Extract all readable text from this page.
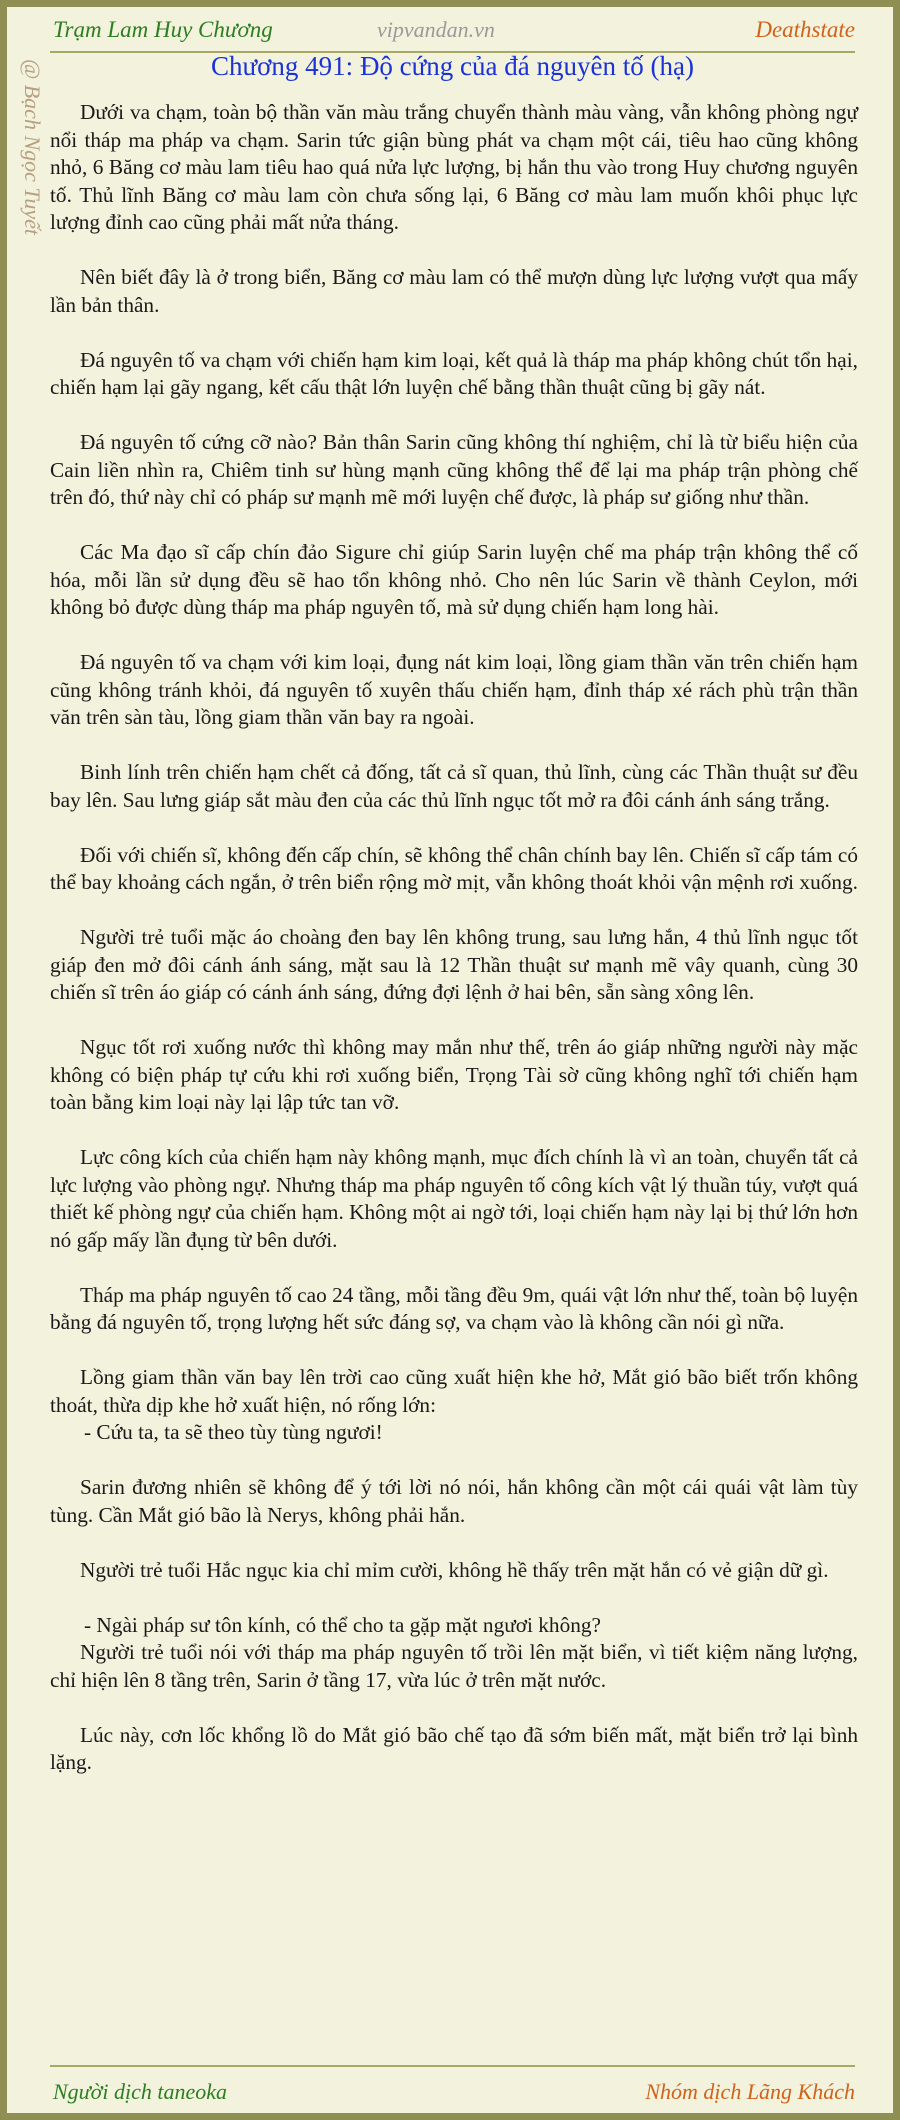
Trạm Lam Huy Chương	vipvandan.vn	Deathstate
@ Bạch Ngọc Tuyết	Chương 491: Độ cứng của đá nguyên tố (hạ)

Dưới va chạm, toàn bộ thần văn màu trắng chuyển thành màu vàng, vẫn không phòng ngự nổi tháp ma pháp va chạm. Sarin tức giận bùng phát va chạm một cái, tiêu hao cũng không nhỏ, 6 Băng cơ màu lam tiêu hao quá nửa lực lượng, bị hắn thu vào trong Huy chương nguyên tố. Thủ lĩnh Băng cơ màu lam còn chưa sống lại, 6 Băng cơ màu lam muốn khôi phục lực lượng đỉnh cao cũng phải mất nửa tháng.

Nên biết đây là ở trong biển, Băng cơ màu lam có thể mượn dùng lực lượng vượt qua mấy lần bản thân.

Đá nguyên tố va chạm với chiến hạm kim loại, kết quả là tháp ma pháp không chút tổn hại, chiến hạm lại gãy ngang, kết cấu thật lớn luyện chế bằng thần thuật cũng bị gãy nát.

Đá nguyên tố cứng cỡ nào? Bản thân Sarin cũng không thí nghiệm, chỉ là từ biểu hiện của Cain liền nhìn ra, Chiêm tinh sư hùng mạnh cũng không thể để lại ma pháp trận phòng chế trên đó, thứ này chỉ có pháp sư mạnh mẽ mới luyện chế được, là pháp sư giống như thần.

Các Ma đạo sĩ cấp chín đảo Sigure chỉ giúp Sarin luyện chế ma pháp trận không thể cố hóa, mỗi lần sử dụng đều sẽ hao tổn không nhỏ. Cho nên lúc Sarin về thành Ceylon, mới không bỏ được dùng tháp ma pháp nguyên tố, mà sử dụng chiến hạm long hài.

Đá nguyên tố va chạm với kim loại, đụng nát kim loại, lồng giam thần văn trên chiến hạm cũng không tránh khỏi, đá nguyên tố xuyên thấu chiến hạm, đỉnh tháp xé rách phù trận thần văn trên sàn tàu, lồng giam thần văn bay ra ngoài.

Binh lính trên chiến hạm chết cả đống, tất cả sĩ quan, thủ lĩnh, cùng các Thần thuật sư đều bay lên. Sau lưng giáp sắt màu đen của các thủ lĩnh ngục tốt mở ra đôi cánh ánh sáng trắng.

Đối với chiến sĩ, không đến cấp chín, sẽ không thể chân chính bay lên. Chiến sĩ cấp tám có thể bay khoảng cách ngắn, ở trên biển rộng mờ mịt, vẫn không thoát khỏi vận mệnh rơi xuống.

Người trẻ tuổi mặc áo choàng đen bay lên không trung, sau lưng hắn, 4 thủ lĩnh ngục tốt giáp đen mở đôi cánh ánh sáng, mặt sau là 12 Thần thuật sư mạnh mẽ vây quanh, cùng 30 chiến sĩ trên áo giáp có cánh ánh sáng, đứng đợi lệnh ở hai bên, sẵn sàng xông lên.

Ngục tốt rơi xuống nước thì không may mắn như thế, trên áo giáp những người này mặc không có biện pháp tự cứu khi rơi xuống biển, Trọng Tài sờ cũng không nghĩ tới chiến hạm toàn bằng kim loại này lại lập tức tan vỡ.

Lực công kích của chiến hạm này không mạnh, mục đích chính là vì an toàn, chuyển tất cả lực lượng vào phòng ngự. Nhưng tháp ma pháp nguyên tố công kích vật lý thuần túy, vượt quá thiết kế phòng ngự của chiến hạm. Không một ai ngờ tới, loại chiến hạm này lại bị thứ lớn hơn nó gấp mấy lần đụng từ bên dưới.

Tháp ma pháp nguyên tố cao 24 tầng, mỗi tầng đều 9m, quái vật lớn như thế, toàn bộ luyện bằng đá nguyên tố, trọng lượng hết sức đáng sợ, va chạm vào là không cần nói gì nữa.

Lồng giam thần văn bay lên trời cao cũng xuất hiện khe hở, Mắt gió bão biết trốn không thoát, thừa dịp khe hở xuất hiện, nó rống lớn:

- Cứu ta, ta sẽ theo tùy tùng ngươi!

Sarin đương nhiên sẽ không để ý tới lời nó nói, hắn không cần một cái quái vật làm tùy tùng. Cần Mắt gió bão là Nerys, không phải hắn.

Người trẻ tuổi Hắc ngục kia chỉ mỉm cười, không hề thấy trên mặt hắn có vẻ giận dữ gì.

- Ngài pháp sư tôn kính, có thể cho ta gặp mặt ngươi không?

Người trẻ tuổi nói với tháp ma pháp nguyên tố trồi lên mặt biển, vì tiết kiệm năng lượng, chỉ hiện lên 8 tầng trên, Sarin ở tầng 17, vừa lúc ở trên mặt nước.

Lúc này, cơn lốc khổng lồ do Mắt gió bão chế tạo đã sớm biến mất, mặt biển trở lại bình lặng.

Người dịch taneoka	Nhóm dịch Lãng Khách
